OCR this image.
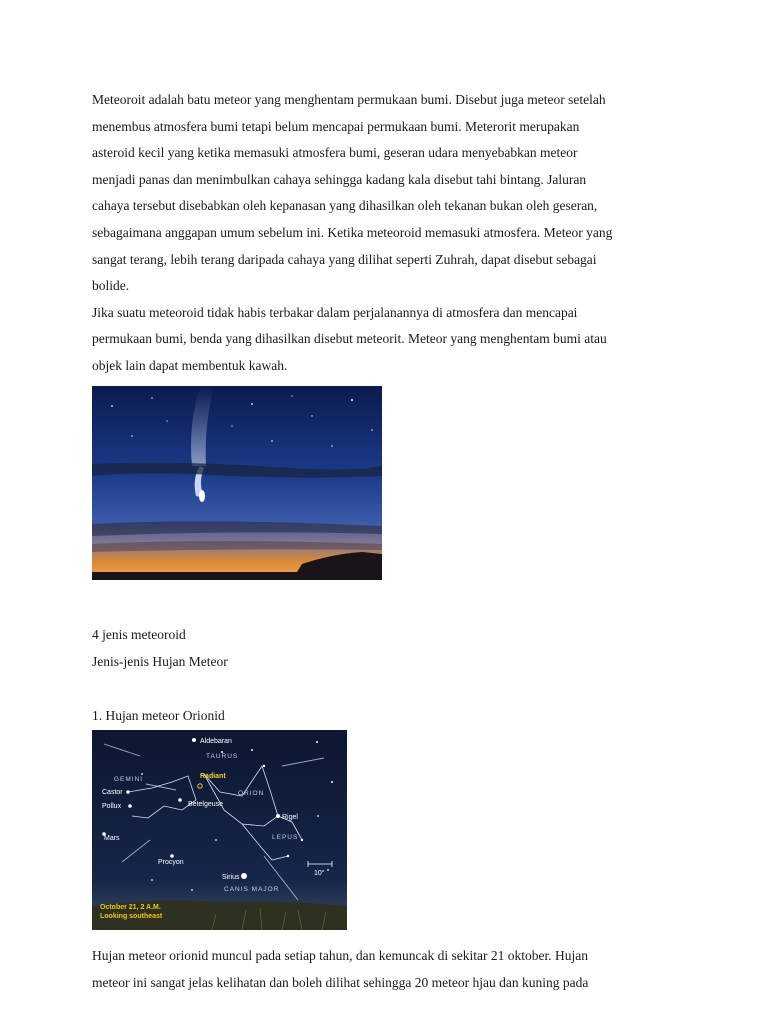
Meteoroit adalah batu meteor yang menghentam permukaan bumi. Disebut juga meteor setelah
menembus atmosfera bumi tetapi belum mencapai permukaan bumi. Meterorit merupakan
asteroid kecil yang ketika memasuki atmosfera bumi, geseran udara menyebabkan meteor
menjadi panas dan menimbulkan cahaya sehingga kadang kala disebut tahi bintang. Jaluran
cahaya tersebut disebabkan oleh kepanasan yang dihasilkan oleh tekanan bukan oleh geseran,
sebagaimana anggapan umum sebelum ini. Ketika meteoroid memasuki atmosfera. Meteor yang
sangat terang, lebih terang daripada cahaya yang dilihat seperti Zuhrah, dapat disebut sebagai
bolide.
Jika suatu meteoroid tidak habis terbakar dalam perjalanannya di atmosfera dan mencapai
permukaan bumi, benda yang dihasilkan disebut meteorit. Meteor yang menghentam bumi atau
objek lain dapat membentuk kawah.
4 jenis meteoroid
Jenis-jenis Hujan Meteor
1. Hujan meteor Orionid
Aldebaran
TAURUS
GEMINI	Radiant
Castor
Pollux	Betelgeuse
ORION
Rigel
LEPUS
Mars
Procyon
10°
Sirius
CANIS MAJOR
October 21, 2 A.M.
Looking southeast
Hujan meteor orionid muncul pada setiap tahun, dan kemuncak di sekitar 21 oktober. Hujan
meteor ini sangat jelas kelihatan dan boleh dilihat sehingga 20 meteor hjau dan kuning pada
